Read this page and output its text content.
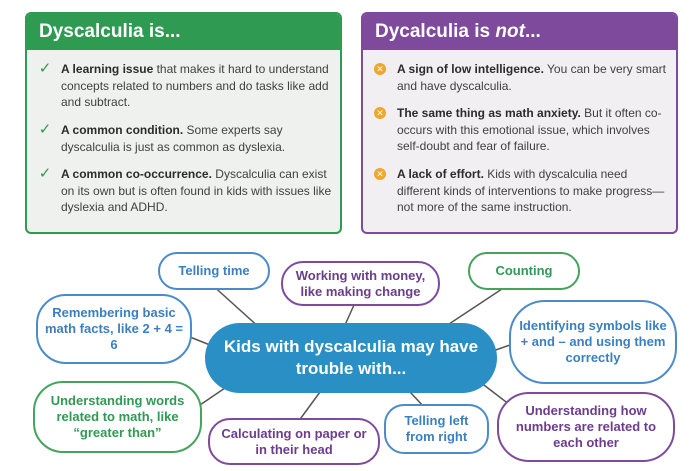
Dyscalculia is...
✓ A learning issue that makes it hard to understand concepts related to numbers and do tasks like add and subtract.
✓ A common condition. Some experts say dyscalculia is just as common as dyslexia.
✓ A common co-occurrence. Dyscalculia can exist on its own but is often found in kids with issues like dyslexia and ADHD.
Dycalculia is not...
✕ A sign of low intelligence. You can be very smart and have dyscalculia.
✕ The same thing as math anxiety. But it often co-occurs with this emotional issue, which involves self-doubt and fear of failure.
✕ A lack of effort. Kids with dyscalculia need different kinds of interventions to make progress—not more of the same instruction.
Telling time	Working with money, like making change
Counting
Remembering basic math facts, like 2 + 4 = 6
Identifying symbols like + and – and using them correctly
Understanding words related to math, like “greater than”	Calculating on paper or in their head
Telling left from right
Understanding how numbers are related to each other
Kids with dyscalculia may have trouble with...
